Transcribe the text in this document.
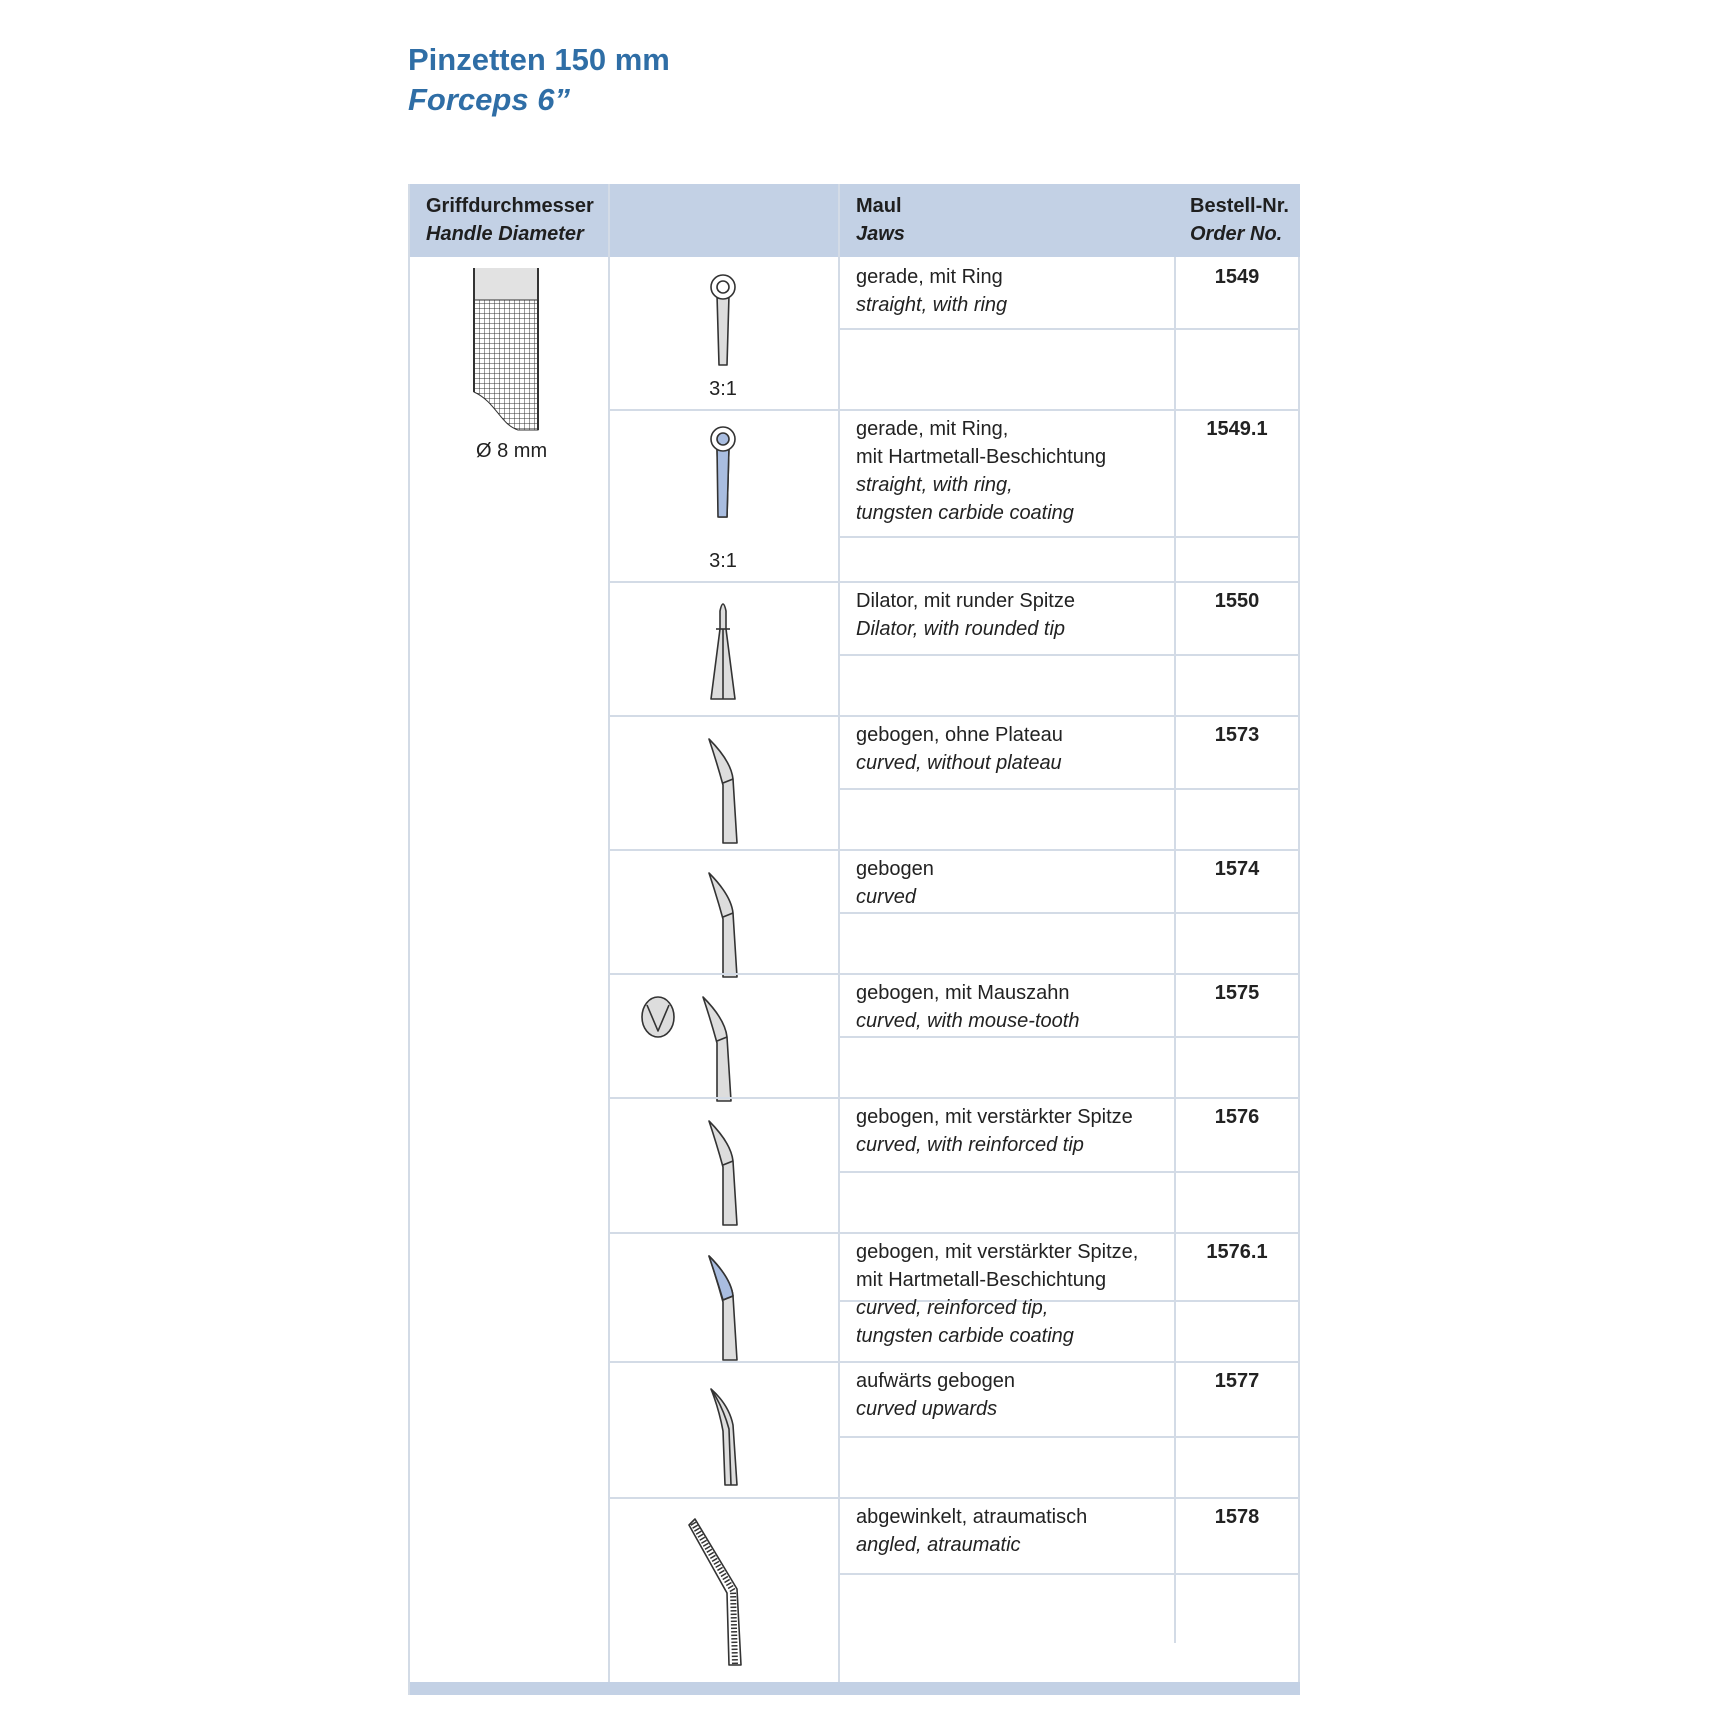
Pinzetten 150 mm
Forceps 6”
Griffdurchmesser
Handle Diameter
Maul
Jaws
Bestell-Nr.
Order No.
Ø 8 mm
gerade, mit Ring
straight, with ring
1549
3:1
gerade, mit Ring,
mit Hartmetall-Beschichtung
straight, with ring,
tungsten carbide coating
1549.1
3:1
Dilator, mit runder Spitze
Dilator, with rounded tip
1550
gebogen, ohne Plateau
curved, without plateau
1573
gebogen
curved
1574
gebogen, mit Mauszahn
curved, with mouse-tooth
1575
gebogen, mit verstärkter Spitze
curved, with reinforced tip
1576
gebogen, mit verstärkter Spitze,
mit Hartmetall-Beschichtung
curved, reinforced tip,
tungsten carbide coating
1576.1
aufwärts gebogen
curved upwards
1577
abgewinkelt, atraumatisch
angled, atraumatic
1578
